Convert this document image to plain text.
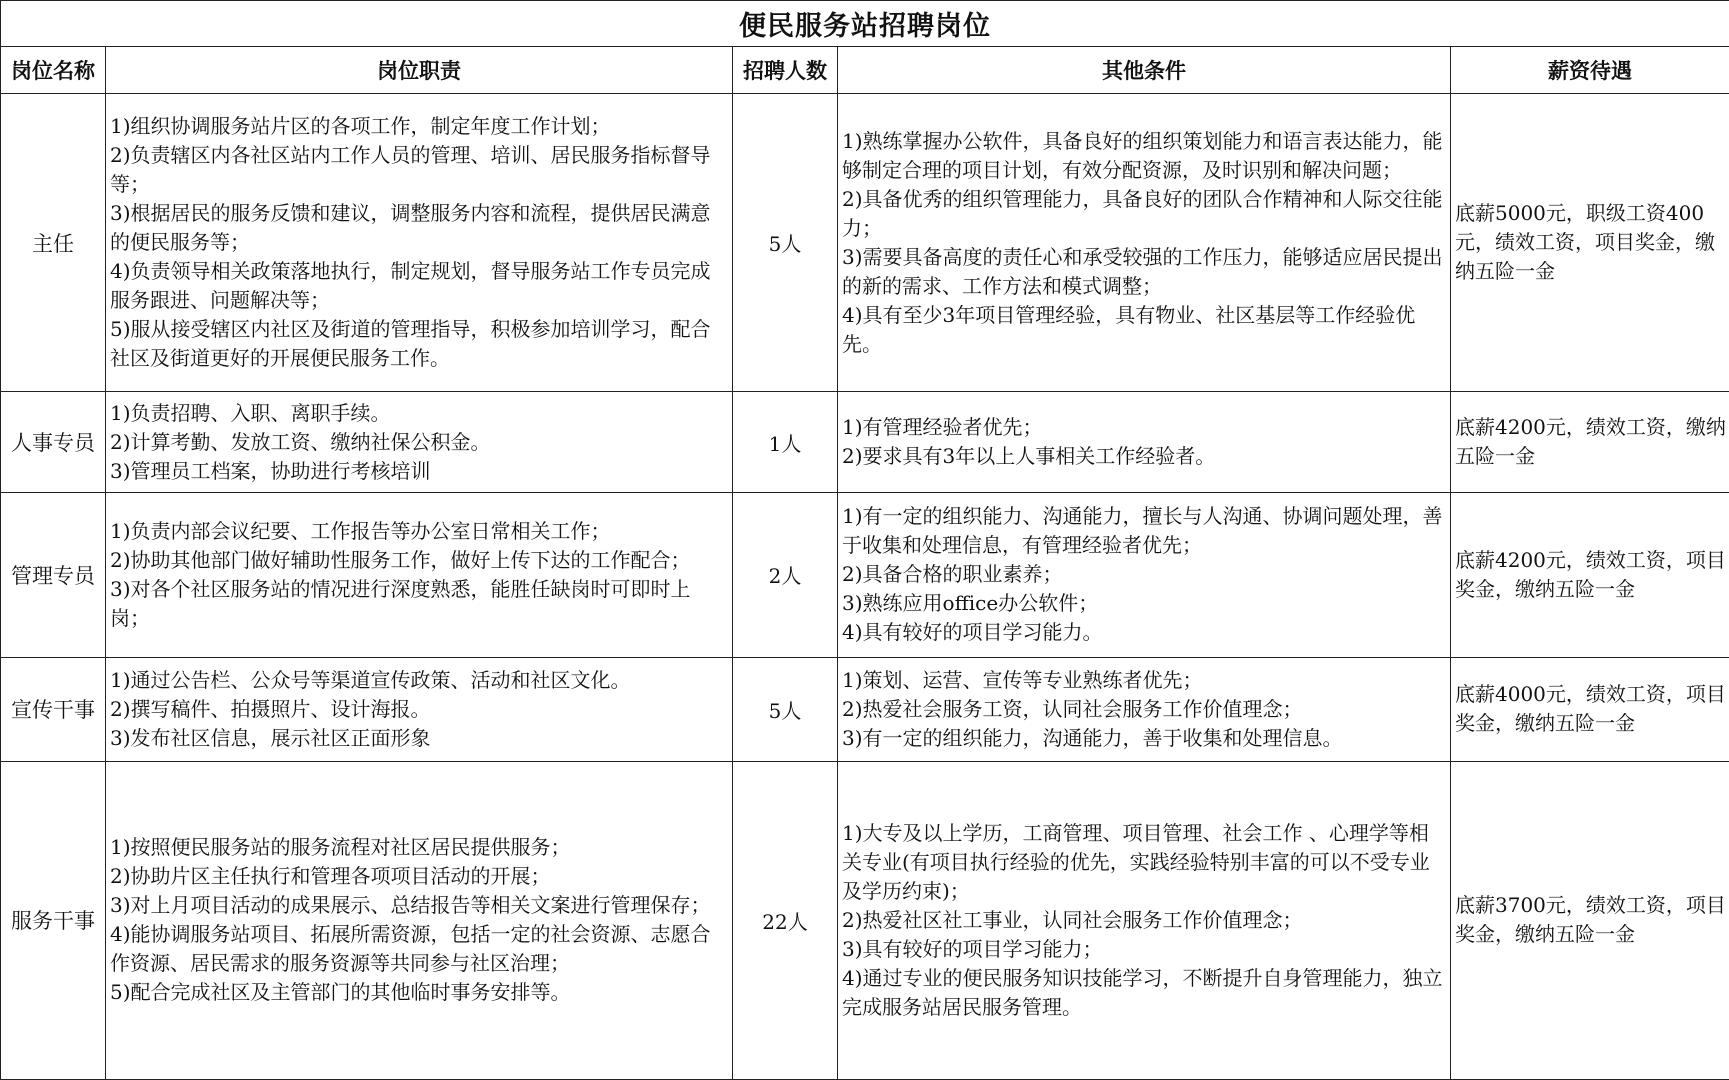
便民服务站招聘岗位				
岗位名称	岗位职责	招聘人数	其他条件	薪资待遇
主任	1)组织协调服务站片区的各项工作，制定年度工作计划；
2)负责辖区内各社区站内工作人员的管理、培训、居民服务指标督导等；
3)根据居民的服务反馈和建议，调整服务内容和流程，提供居民满意的便民服务等；
4)负责领导相关政策落地执行，制定规划，督导服务站工作专员完成服务跟进、问题解决等；
5)服从接受辖区内社区及街道的管理指导，积极参加培训学习，配合社区及街道更好的开展便民服务工作。	5人	1)熟练掌握办公软件，具备良好的组织策划能力和语言表达能力，能够制定合理的项目计划，有效分配资源，及时识别和解决问题；
2)具备优秀的组织管理能力，具备良好的团队合作精神和人际交往能力；
3)需要具备高度的责任心和承受较强的工作压力，能够适应居民提出的新的需求、工作方法和模式调整；
4)具有至少3年项目管理经验，具有物业、社区基层等工作经验优先。	底薪5000元，职级工资400元，绩效工资，项目奖金，缴纳五险一金
人事专员	1)负责招聘、入职、离职手续。
2)计算考勤、发放工资、缴纳社保公积金。
3)管理员工档案，协助进行考核培训	1人	1)有管理经验者优先；
2)要求具有3年以上人事相关工作经验者。	底薪4200元，绩效工资，缴纳五险一金
管理专员	1)负责内部会议纪要、工作报告等办公室日常相关工作；
2)协助其他部门做好辅助性服务工作，做好上传下达的工作配合；
3)对各个社区服务站的情况进行深度熟悉，能胜任缺岗时可即时上岗；	2人	1)有一定的组织能力、沟通能力，擅长与人沟通、协调问题处理，善于收集和处理信息，有管理经验者优先；
2)具备合格的职业素养；
3)熟练应用office办公软件；
4)具有较好的项目学习能力。	底薪4200元，绩效工资，项目奖金，缴纳五险一金
宣传干事	1)通过公告栏、公众号等渠道宣传政策、活动和社区文化。
2)撰写稿件、拍摄照片、设计海报。
3)发布社区信息，展示社区正面形象	5人	1)策划、运营、宣传等专业熟练者优先；
2)热爱社会服务工资，认同社会服务工作价值理念；
3)有一定的组织能力，沟通能力，善于收集和处理信息。	底薪4000元，绩效工资，项目奖金，缴纳五险一金
服务干事	1)按照便民服务站的服务流程对社区居民提供服务；
2)协助片区主任执行和管理各项项目活动的开展；
3)对上月项目活动的成果展示、总结报告等相关文案进行管理保存；
4)能协调服务站项目、拓展所需资源，包括一定的社会资源、志愿合作资源、居民需求的服务资源等共同参与社区治理；
5)配合完成社区及主管部门的其他临时事务安排等。	22人	1)大专及以上学历，工商管理、项目管理、社会工作 、心理学等相关专业(有项目执行经验的优先，实践经验特别丰富的可以不受专业及学历约束)；
2)热爱社区社工事业，认同社会服务工作价值理念；
3)具有较好的项目学习能力；
4)通过专业的便民服务知识技能学习，不断提升自身管理能力，独立完成服务站居民服务管理。	底薪3700元，绩效工资，项目奖金，缴纳五险一金
